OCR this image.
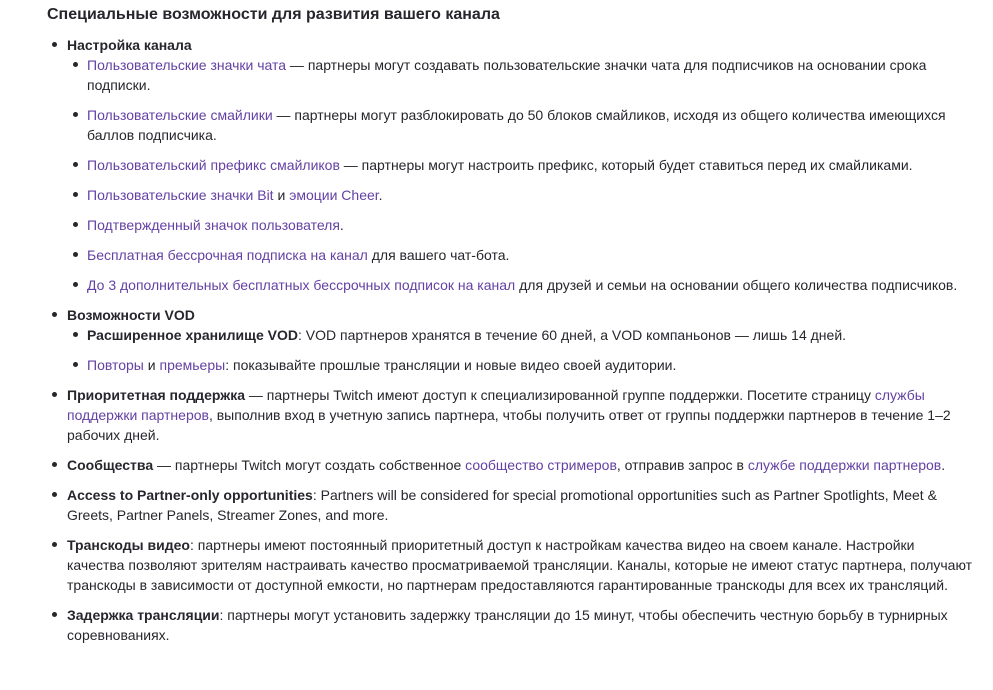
Специальные возможности для развития вашего канала
Настройка канала
Пользовательские значки чата — партнеры могут создавать пользовательские значки чата для подписчиков на основании срока подписки.
Пользовательские смайлики — партнеры могут разблокировать до 50 блоков смайликов, исходя из общего количества имеющихся баллов подписчика.
Пользовательский префикс смайликов — партнеры могут настроить префикс, который будет ставиться перед их смайликами.
Пользовательские значки Bit и эмоции Cheer.
Подтвержденный значок пользователя.
Бесплатная бессрочная подписка на канал для вашего чат-бота.
До 3 дополнительных бесплатных бессрочных подписок на канал для друзей и семьи на основании общего количества подписчиков.
Возможности VOD
Расширенное хранилище VOD: VOD партнеров хранятся в течение 60 дней, а VOD компаньонов — лишь 14 дней.
Повторы и премьеры: показывайте прошлые трансляции и новые видео своей аудитории.
Приоритетная поддержка — партнеры Twitch имеют доступ к специализированной группе поддержки. Посетите страницу службы поддержки партнеров, выполнив вход в учетную запись партнера, чтобы получить ответ от группы поддержки партнеров в течение 1–2 рабочих дней.
Сообщества — партнеры Twitch могут создать собственное сообщество стримеров, отправив запрос в службе поддержки партнеров.
Access to Partner-only opportunities: Partners will be considered for special promotional opportunities such as Partner Spotlights, Meet & Greets, Partner Panels, Streamer Zones, and more.
Транскоды видео: партнеры имеют постоянный приоритетный доступ к настройкам качества видео на своем канале. Настройки качества позволяют зрителям настраивать качество просматриваемой трансляции. Каналы, которые не имеют статус партнера, получают транскоды в зависимости от доступной емкости, но партнерам предоставляются гарантированные транскоды для всех их трансляций.
Задержка трансляции: партнеры могут установить задержку трансляции до 15 минут, чтобы обеспечить честную борьбу в турнирных соревнованиях.
